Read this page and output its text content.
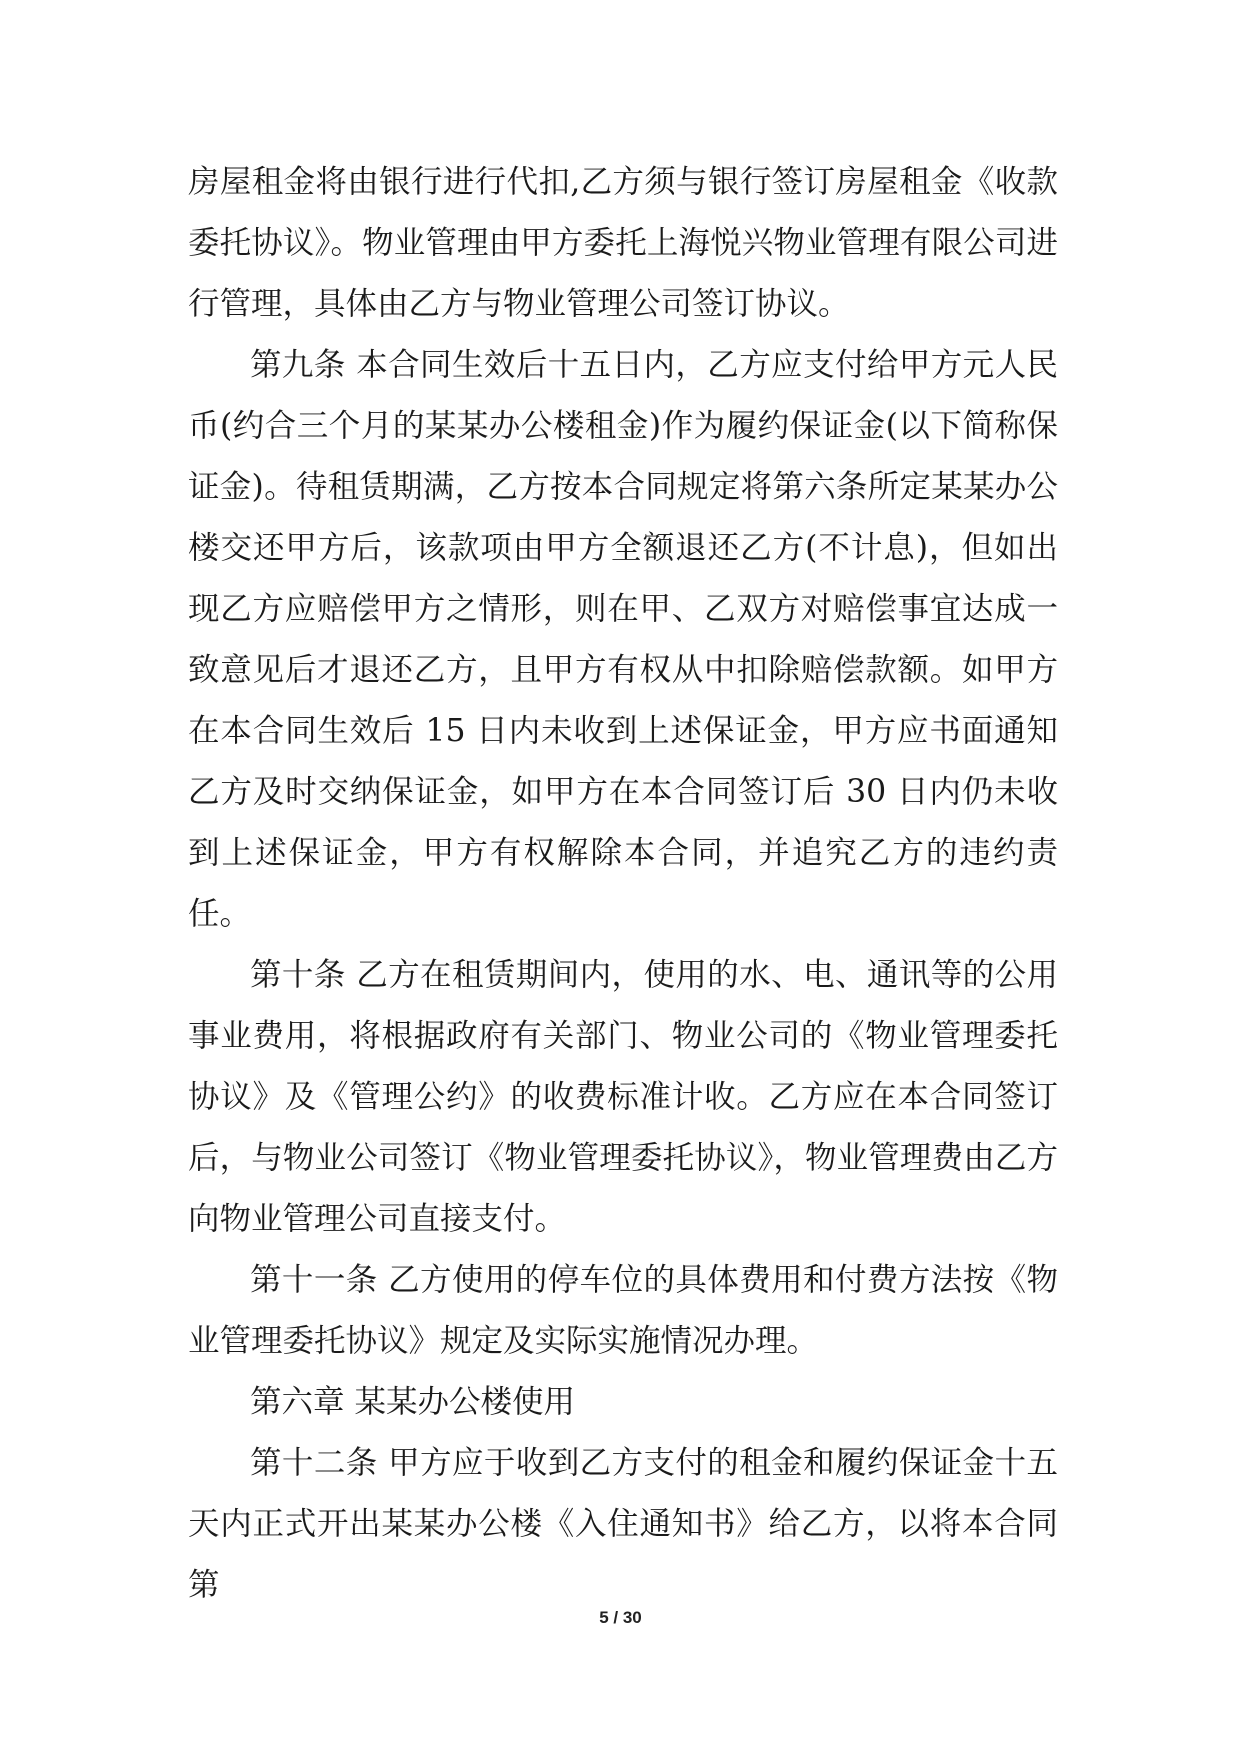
房屋租金将由银行进行代扣,乙方须与银行签订房屋租金《收款委托协议》。物业管理由甲方委托上海悦兴物业管理有限公司进行管理，具体由乙方与物业管理公司签订协议。

第九条 本合同生效后十五日内，乙方应支付给甲方元人民币(约合三个月的某某办公楼租金)作为履约保证金(以下简称保证金)。待租赁期满，乙方按本合同规定将第六条所定某某办公楼交还甲方后，该款项由甲方全额退还乙方(不计息)，但如出现乙方应赔偿甲方之情形，则在甲、乙双方对赔偿事宜达成一致意见后才退还乙方，且甲方有权从中扣除赔偿款额。如甲方在本合同生效后 15 日内未收到上述保证金，甲方应书面通知乙方及时交纳保证金，如甲方在本合同签订后 30 日内仍未收到上述保证金，甲方有权解除本合同，并追究乙方的违约责任。

第十条 乙方在租赁期间内，使用的水、电、通讯等的公用事业费用，将根据政府有关部门、物业公司的《物业管理委托协议》及《管理公约》的收费标准计收。乙方应在本合同签订后，与物业公司签订《物业管理委托协议》，物业管理费由乙方向物业管理公司直接支付。

第十一条 乙方使用的停车位的具体费用和付费方法按《物业管理委托协议》规定及实际实施情况办理。

第六章 某某办公楼使用

第十二条 甲方应于收到乙方支付的租金和履约保证金十五天内正式开出某某办公楼《入住通知书》给乙方，以将本合同第

5 / 30
